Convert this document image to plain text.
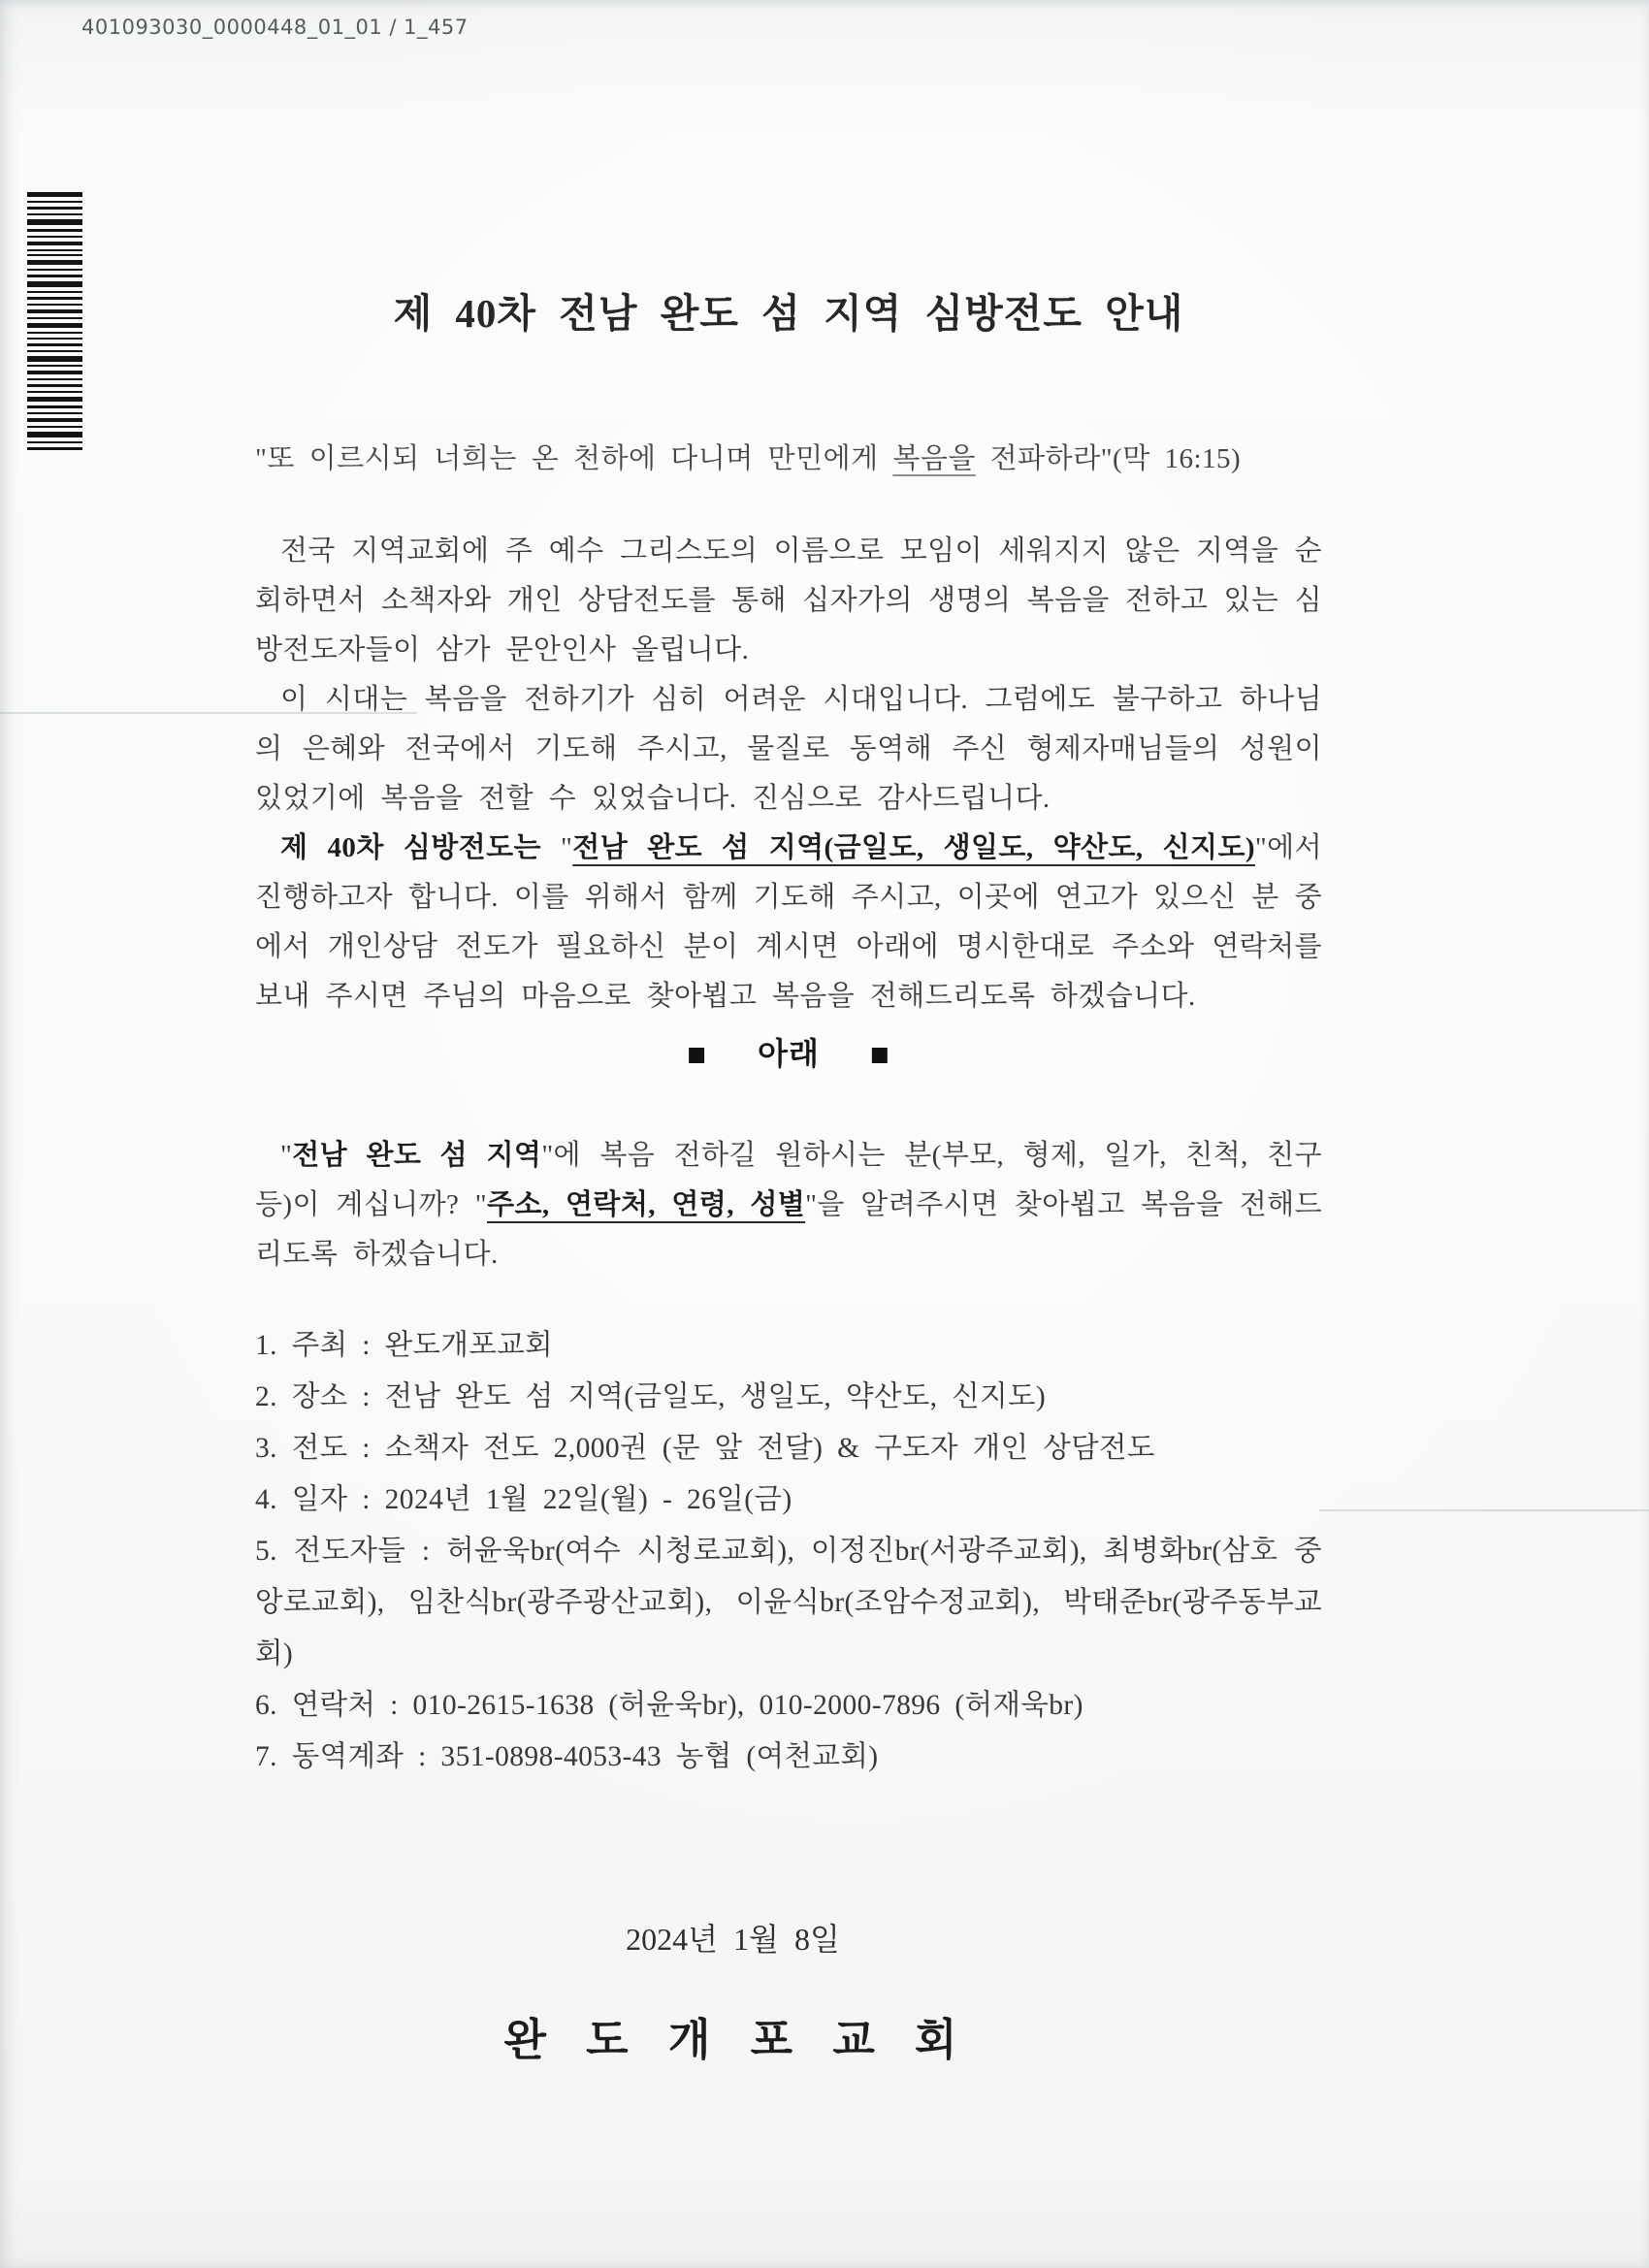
401093030_0000448_01_01 / 1_457
제 40차 전남 완도 섬 지역 심방전도 안내
"또 이르시되 너희는 온 천하에 다니며 만민에게 복음을 전파하라"(막 16:15)

전국 지역교회에 주 예수 그리스도의 이름으로 모임이 세워지지 않은 지역을 순회하면서 소책자와 개인 상담전도를 통해 십자가의 생명의 복음을 전하고 있는 심방전도자들이 삼가 문안인사 올립니다.

이 시대는 복음을 전하기가 심히 어려운 시대입니다. 그럼에도 불구하고 하나님의 은혜와 전국에서 기도해 주시고, 물질로 동역해 주신 형제자매님들의 성원이 있었기에 복음을 전할 수 있었습니다. 진심으로 감사드립니다.

제 40차 심방전도는 "전남 완도 섬 지역(금일도, 생일도, 약산도, 신지도)"에서 진행하고자 합니다. 이를 위해서 함께 기도해 주시고, 이곳에 연고가 있으신 분 중에서 개인상담 전도가 필요하신 분이 계시면 아래에 명시한대로 주소와 연락처를 보내 주시면 주님의 마음으로 찾아뵙고 복음을 전해드리도록 하겠습니다.

■ 아래 ■

"전남 완도 섬 지역"에 복음 전하길 원하시는 분(부모, 형제, 일가, 친척, 친구 등)이 계십니까? "주소, 연락처, 연령, 성별"을 알려주시면 찾아뵙고 복음을 전해드리도록 하겠습니다.

1. 주최 : 완도개포교회

2. 장소 : 전남 완도 섬 지역(금일도, 생일도, 약산도, 신지도)

3. 전도 : 소책자 전도 2,000권 (문 앞 전달) & 구도자 개인 상담전도

4. 일자 : 2024년 1월 22일(월) - 26일(금)

5. 전도자들 : 허윤욱br(여수 시청로교회), 이정진br(서광주교회), 최병화br(삼호 중앙로교회), 임찬식br(광주광산교회), 이윤식br(조암수정교회), 박태준br(광주동부교회)

6. 연락처 : 010-2615-1638 (허윤욱br), 010-2000-7896 (허재욱br)

7. 동역계좌 : 351-0898-4053-43 농협 (여천교회)

2024년 1월 8일
완 도 개 포 교 회
